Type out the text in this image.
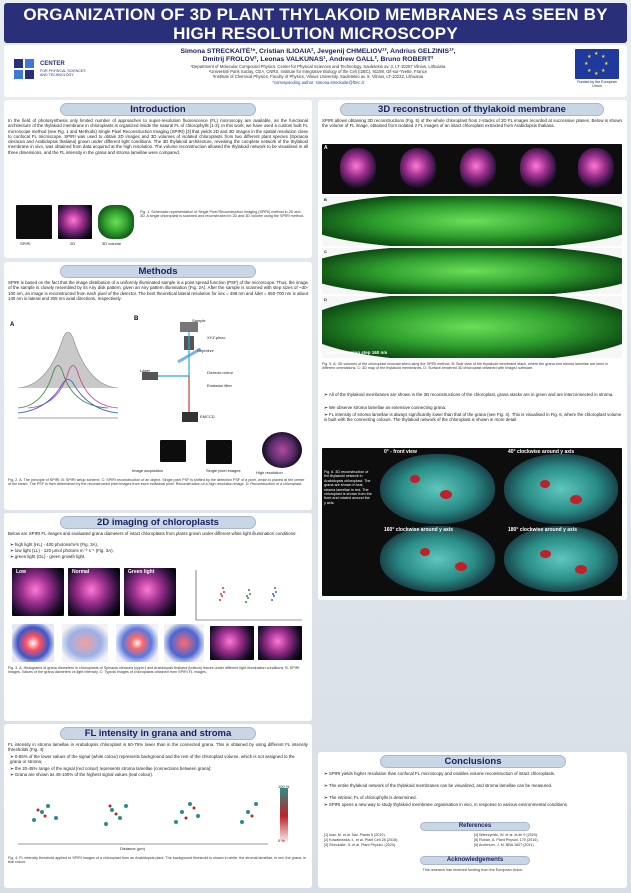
ORGANIZATION OF 3D PLANT THYLAKOID MEMBRANES AS SEEN BY HIGH RESOLUTION MICROSCOPY
CENTER
FOR PHYSICAL SCIENCES AND TECHNOLOGY
Simona STRECKAITĖ¹*, Cristian ILIOAIA², Jevgenij CHMELIOV¹³, Andrius GELZINIS¹³,
Dmitrij FROLOV², Leonas VALKUNAS¹, Andrew GALL², Bruno ROBERT²
¹Department of Molecular Compound Physics, Center for Physical Sciences and Technology, Sauletekio av. 3, LT-10257 Vilnius, Lithuania
²Université Paris Saclay, CEA, CNRS, Institute for Integrative Biology of the Cell (I2BC), 91198, Gif-sur-Yvette, France
³Institute of Chemical Physics, Faculty of Physics, Vilnius University, Sauletekio av. 9, Vilnius, LT-10222, Lithuania
*corresponding author: simona.streckaite@ftmc.lt
★ ★
★
★
★
★
★
★
Funded by the European Union
Introduction
In the field of photosynthesis only limited number of approaches to super-resolution fluorescence (FL) microscopy are available, as the functional architecture of the thylakoid membrane in chloroplasts is organized inside the natural FL of chlorophylls [1-3]. In this work, we have used a custom built FL microscope method (see Fig. 1 and Methods) Single Pixel Reconstruction Imaging (SPIRI) [3] that yields 2D and 3D images in the spatial resolution close to confocal FL microscope. SPIRI was used to obtain 2D images and 3D volumes of isolated chloroplasts from two different plant species (Spinacia oleracea and Arabidopsis thaliana) grown under different light conditions. The 3D thylakoid architecture, revealing the complete network of the thylakoid membrane in vivo, was obtained from data acquired at the high resolution. The volume reconstruction allowed the thylakoid network to be visualised in all three dimensions, and the FL intensity in the grana and stroma lamellae were compared.
SPIRI	2D	3D volume
Fig. 1. Schematic representation of Single Pixel Reconstruction Imaging (SPIRI) method in 2D and 3D. A single chloroplast is scanned and reconstructed in 2D and 3D volume using the SPIRI method.
Methods
SPIRI is based on the fact that the image distribution of a uniformly illuminated sample is a point spread function (PSF) of the microscope. Thus, the image of the sample is closely resembled by its Airy disk pattern, given an Airy pattern illumination (Fig. 2A). After the sample is scanned with step sizes of ~30-100 nm, an image is reconstructed from each pixel of the detector. The best theoretical lateral resolution for λex = 488 nm and λdet = 650-700 nm is about 140 nm in lateral and 305 nm axial directions, respectively.
A
B	Sample
XYZ piezo
Objective
Dichroic mirror
Emission filter
EMCCD
Laser
Image acquisition	Single pixel images	High resolution
Fig. 2. A: The principle of SPIRI. B: SPIRI setup scheme. C: SPIRI reconstruction of an object. Single pixel PSF is shifted by the detection PSF of a pixel, which is placed at the center of the beam. The PSF is then determined by the reconstructed pixel images from each individual pixel. Reconstruction of a high resolution image. D: Reconstruction of a chloroplast.
2D imaging of chloroplasts
Below are SPIRI FL images and evaluated grana diameters of intact chloroplasts from plants grown under different white light illumination conditions:
➢ high light (HL) - 400 photons/m²s (Fig. 3A),
➢ low light (LL) - 120 μmol photons m⁻² s⁻¹ (Fig. 3A),
➢ green light (GL) - green growth light.
Low	Normal	Green light
Fig. 3. A: Histograms of grana diameters in chloroplasts of Spinacia oleracea (upper) and Arabidopsis thaliana (bottom) leaves under different light illumination conditions. B: SPIRI images. Values of the grana diameters vs light intensity. C: Typical images of chloroplasts obtained from SPIRI FL images.
FL intensity in grana and stroma
FL intensity in stroma lamellae in Arabidopsis chloroplast is 60-75% lower than in the connected grana. This is obtained by using different FL intensity thresholds (Fig. 4):
➢ 0-55% of the lower values of the signal (white colour) represents background and the rest of the chloroplast volume, which is not assigned to the grana or stroma;
➢ the 20-45% range of the signal (red colour) represents stroma lamellae (connections between grana);
➢ Grana are shown as 45-100% of the highest signal values (teal colour).
100 %
0 %
Distance (μm)
Fig. 4. FL intensity threshold applied to SPIRI images of a chloroplast from an Arabidopsis plant. The background threshold is shown in white; the stromal lamellae, in red; the grana, in teal colour.
3D reconstruction of thylakoid membrane
SPIRI allows obtaining 3D reconstructions (Fig. 5) of the whole chloroplast from z-stacks of 2D FL images recorded at successive planes. Below is shown the volume of FL image, obtained from isolated 2 FL images of an intact chloroplast extracted from Arabidopsis thaliana.
A
B
C
D
Image scanning step 160 nm
Fig. 5. A: 3D volumes of the chloroplast reconstructed using the SPIRI method. B: Side view of the thylakoid membrane stack, where the grana and stroma lamellae are seen in different orientations. C: 3D map of the thylakoid membranes. D: Surface-rendered 3D chloroplast obtained with ImageJ software.
➢ All of the thylakoid membranes are shown in the 3D reconstructions of the chloroplast, grana stacks are in green and are interconnected in stroma.
➢ We observe stroma lamellae as extensive connecting grana.
➢ FL intensity of stroma lamellae is always significantly lower than that of the grana (see Fig. 4). This is visualised in Fig. 6, where the chloroplast volume is built with the connecting colours. The thylakoid network of the chloroplast is shown in more detail.
Fig. 6. 3D reconstruction of the thylakoid network in Arabidopsis chloroplast. The grana are shown in teal, stroma lamellae in red. The chloroplast is shown from the front and rotated around the y axis.
0° - front view	40° clockwise around y axis
160° clockwise around y axis	180° clockwise around y axis
Conclusions
➢ SPIRI yields higher resolution than confocal FL microscopy and enables volume reconstruction of intact chloroplasts.
➢ The entire thylakoid network of the thylakoid membranes can be visualized, and stroma lamellae can be measured.
➢ The intrinsic FL of chlorophylls is determined.
➢ SPIRI opens a new way to study thylakoid membrane organisation in vivo, in response to various environmental conditions.
References
[1] Iwai, M. et al. Nat. Plants 5 (2019).
[2] Kowalewska, Ł. et al. Plant Cell 28 (2016).
[3] Streckaite, S. et al. Plant Physiol. (2020).
[4] Wietrzynski, W. et al. eLife 9 (2020).
[5] Ruban, A. Plant Physiol. 170 (2016).
[6] Anderson, J. M. BBA 1807 (2011).
Acknowledgements
This research has received funding from the European Union.
